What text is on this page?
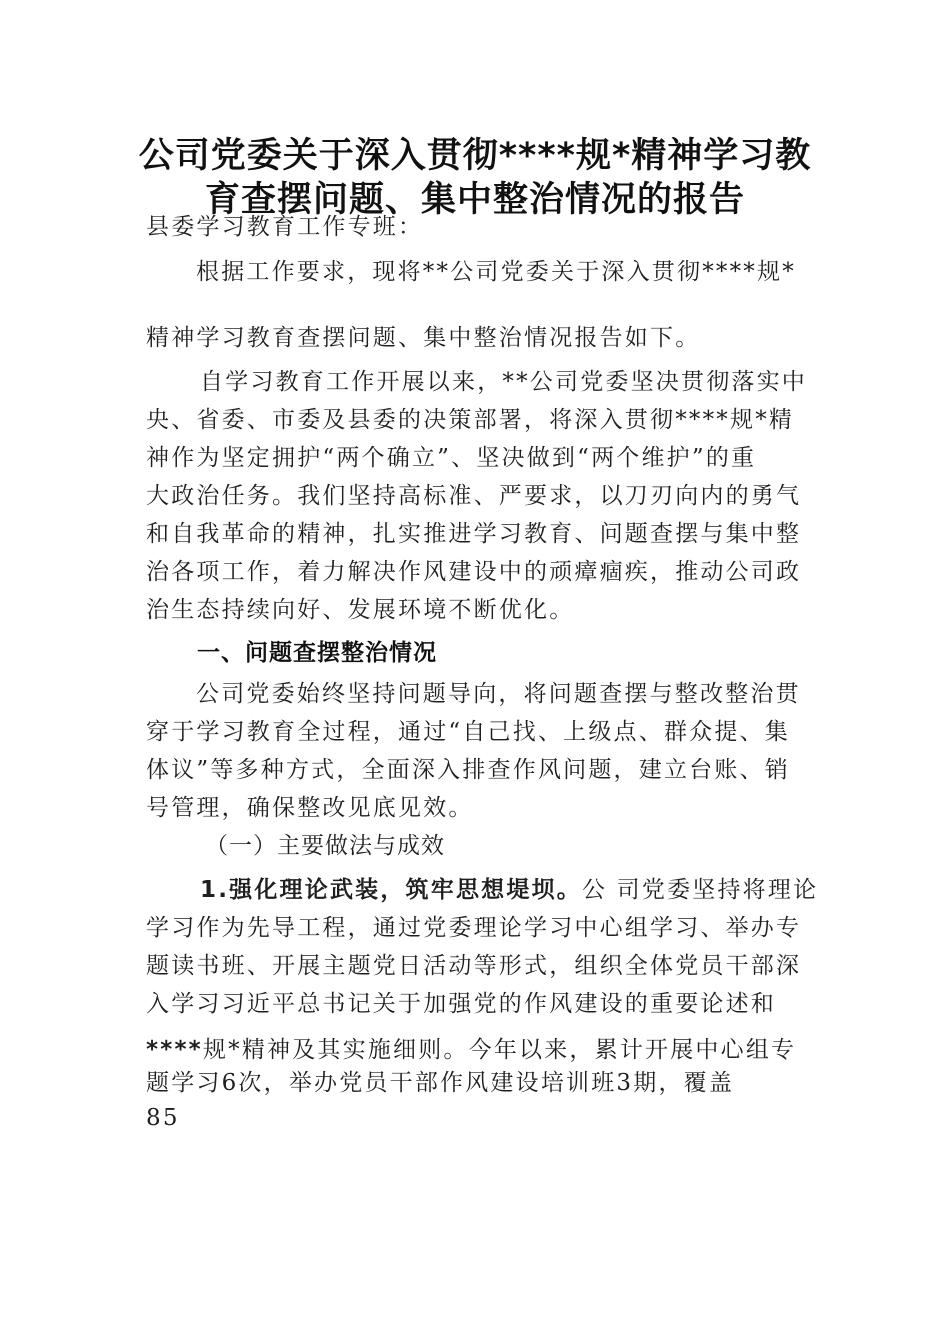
公司党委关于深入贯彻****规*精神学习教
育查摆问题、集中整治情况的报告
县委学习教育工作专班：
根据工作要求，现将**公司党委关于深入贯彻****规*
精神学习教育查摆问题、集中整治情况报告如下。
自学习教育工作开展以来，**公司党委坚决贯彻落实中
央、省委、市委及县委的决策部署，将深入贯彻****规*精
神作为坚定拥护“两个确立”、坚决做到“两个维护”的重
大政治任务。我们坚持高标准、严要求，以刀刃向内的勇气
和自我革命的精神，扎实推进学习教育、问题查摆与集中整
治各项工作，着力解决作风建设中的顽瘴痼疾，推动公司政
治生态持续向好、发展环境不断优化。
一、问题查摆整治情况
公司党委始终坚持问题导向，将问题查摆与整改整治贯
穿于学习教育全过程，通过“自己找、上级点、群众提、集
体议”等多种方式，全面深入排查作风问题，建立台账、销
号管理，确保整改见底见效。
（一）主要做法与成效
1.强化理论武装，筑牢思想堤坝。公 司党委坚持将理论
学习作为先导工程，通过党委理论学习中心组学习、举办专
题读书班、开展主题党日活动等形式，组织全体党员干部深
入学习习近平总书记关于加强党的作风建设的重要论述和
****规*精神及其实施细则。今年以来，累计开展中心组专
题学习6次，举办党员干部作风建设培训班3期，覆盖
85
